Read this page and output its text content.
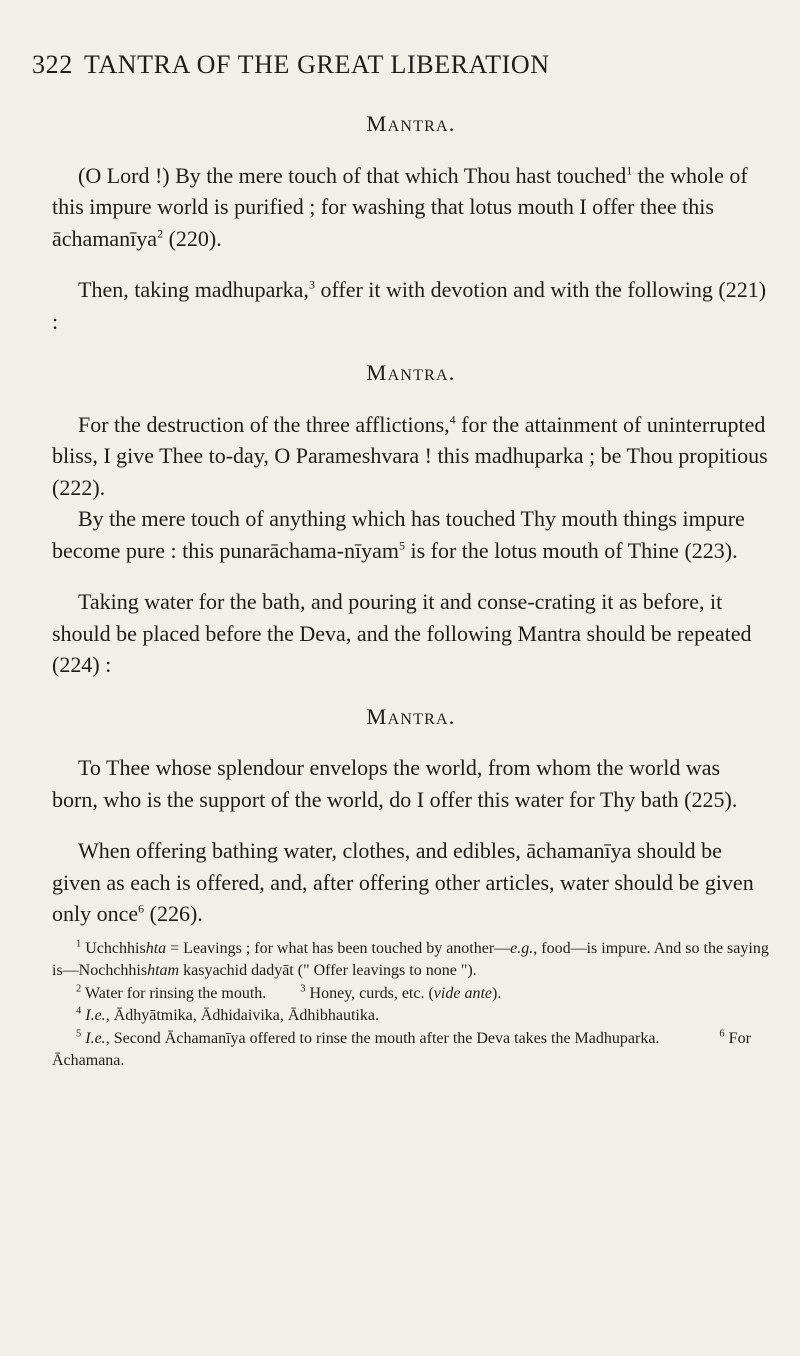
322 TANTRA OF THE GREAT LIBERATION
Mantra.

(O Lord !) By the mere touch of that which Thou hast touched$^1$ the whole of this impure world is purified ; for washing that lotus mouth I offer thee this āchamanīya$^2$ (220).

Then, taking madhuparka,$^3$ offer it with devotion and with the following (221) :

Mantra.

For the destruction of the three afflictions,$^4$ for the attainment of uninterrupted bliss, I give Thee to-day, O Parameshvara ! this madhuparka ; be Thou propitious (222).

By the mere touch of anything which has touched Thy mouth things impure become pure : this punarāchama-nīyam$^5$ is for the lotus mouth of Thine (223).

Taking water for the bath, and pouring it and conse-crating it as before, it should be placed before the Deva, and the following Mantra should be repeated (224) :

Mantra.

To Thee whose splendour envelops the world, from whom the world was born, who is the support of the world, do I offer this water for Thy bath (225).

When offering bathing water, clothes, and edibles, āchamanīya should be given as each is offered, and, after offering other articles, water should be given only once$^6$ (226).

$^1$ Uchchhishta = Leavings ; for what has been touched by another—e.g., food—is impure. And so the saying is—Nochchhishtam kasyachid dadyāt (" Offer leavings to none ").

$^2$ Water for rinsing the mouth.	$^3$ Honey, curds, etc. (vide ante).

$^4$ I.e., Ādhyātmika, Ādhidaivika, Ādhibhautika.

$^5$ I.e., Second Āchamanīya offered to rinse the mouth after the Deva takes the Madhuparka.	$^6$ For Āchamana.
